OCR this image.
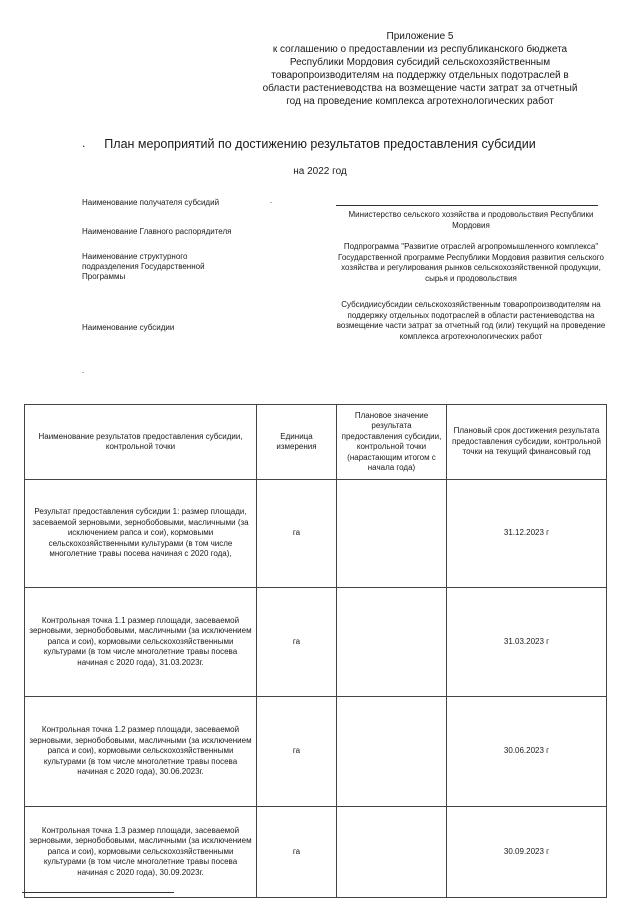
Приложение 5
к соглашению о предоставлении из республиканского бюджета
Республики Мордовия субсидий сельскохозяйственным
товаропроизводителям на поддержку отдельных подотраслей в
области растениеводства на возмещение части затрат за отчетный
год на проведение комплекса агротехнологических работ
. План мероприятий по достижению результатов предоставления субсидии
на 2022 год
Наименование получателя субсидий	.
Наименование Главного распорядителя
Министерство сельского хозяйства и продовольствия Республики Мордовия
Наименование структурного подразделения Государственной Программы
Подпрограмма "Развитие отраслей агропромышленного комплекса" Государственной программе Республики Мордовия развития сельского хозяйства и регулирования рынков сельскохозяйственной продукции, сырья и продовольствия
Наименование субсидии
Субсидиисубсидии сельскохозяйственным товаропроизводителям на поддержку отдельных подотраслей в области растениеводства на возмещение части затрат за отчетный год (или) текущий на проведение комплекса агротехнологических работ
.
Наименование результатов предоставления субсидии, контрольной точки	Единица измерения	Плановое значение результата предоставления субсидии, контрольной точки (нарастающим итогом с начала года)	Плановый срок достижения результата предоставления субсидии, контрольной точки на текущий финансовый год
Результат предоставления субсидии 1: размер площади, засеваемой зерновыми, зернобобовыми, масличными (за исключением рапса и сои), кормовыми сельскохозяйственными культурами (в том числе многолетние травы посева начиная с 2020 года),	га		31.12.2023 г
Контрольная точка 1.1 размер площади, засеваемой зерновыми, зернобобовыми, масличными (за исключением рапса и сои), кормовыми сельскохозяйственными культурами (в том числе многолетние травы посева начиная с 2020 года), 31.03.2023г.	га		31.03.2023 г
Контрольная точка 1.2 размер площади, засеваемой зерновыми, зернобобовыми, масличными (за исключением рапса и сои), кормовыми сельскохозяйственными культурами (в том числе многолетние травы посева начиная с 2020 года), 30.06.2023г.	га		30.06.2023 г
Контрольная точка 1.3 размер площади, засеваемой зерновыми, зернобобовыми, масличными (за исключением рапса и сои), кормовыми сельскохозяйственными культурами (в том числе многолетние травы посева начиная с 2020 года), 30.09.2023г.	га		30.09.2023 г
